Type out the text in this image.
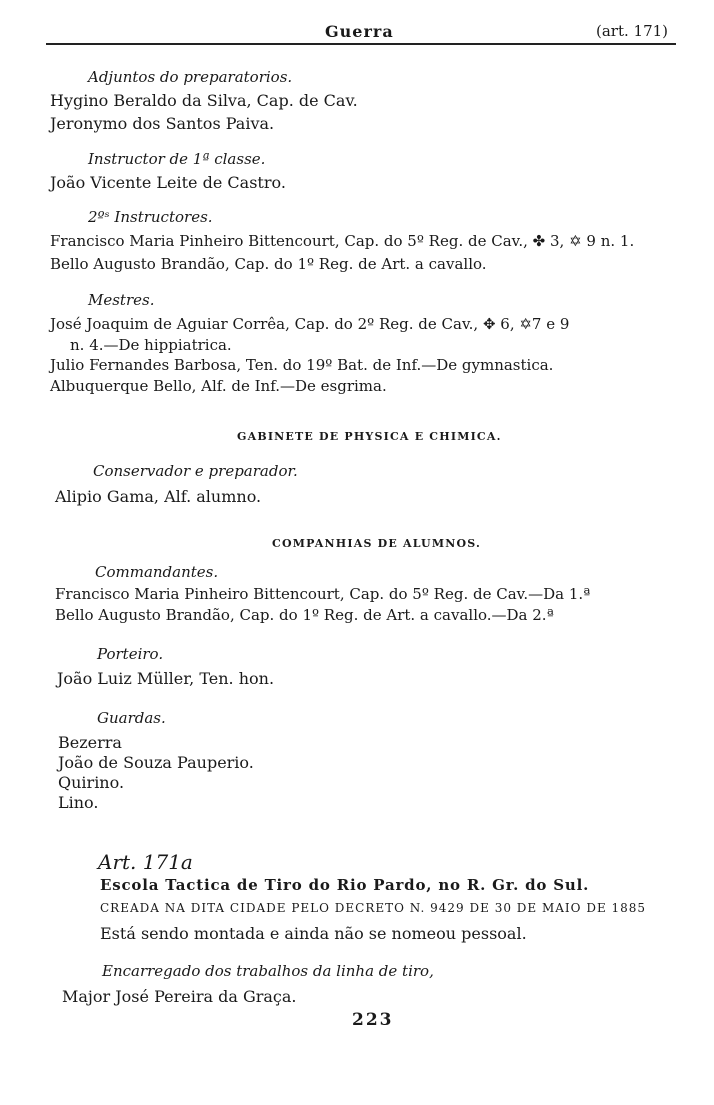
Guerra	(art. 171)
Adjuntos do preparatorios.
Hygino Beraldo da Silva, Cap. de Cav.
Jeronymo dos Santos Paiva.
Instructor de 1ª classe.
João Vicente Leite de Castro.
2ºˢ Instructores.
Francisco Maria Pinheiro Bittencourt, Cap. do 5º Reg. de Cav., ✤ 3, ✡ 9 n. 1.
Bello Augusto Brandão, Cap. do 1º Reg. de Art. a cavallo.
Mestres.
José Joaquim de Aguiar Corrêa, Cap. do 2º Reg. de Cav., ✥ 6, ✡7 e 9
n. 4.—De hippiatrica.
Julio Fernandes Barbosa, Ten. do 19º Bat. de Inf.—De gymnastica.
Albuquerque Bello, Alf. de Inf.—De esgrima.
GABINETE DE PHYSICA E CHIMICA.
Conservador e preparador.
Alipio Gama, Alf. alumno.
COMPANHIAS DE ALUMNOS.
Commandantes.
Francisco Maria Pinheiro Bittencourt, Cap. do 5º Reg. de Cav.—Da 1.ª
Bello Augusto Brandão, Cap. do 1º Reg. de Art. a cavallo.—Da 2.ª
Porteiro.
João Luiz Müller, Ten. hon.
Guardas.
Bezerra
João de Souza Pauperio.
Quirino.
Lino.
Art. 171a
Escola Tactica de Tiro do Rio Pardo, no R. Gr. do Sul.
CREADA NA DITA CIDADE PELO DECRETO N. 9429 DE 30 DE MAIO DE 1885
Está sendo montada e ainda não se nomeou pessoal.
Encarregado dos trabalhos da linha de tiro,
Major José Pereira da Graça.
223
